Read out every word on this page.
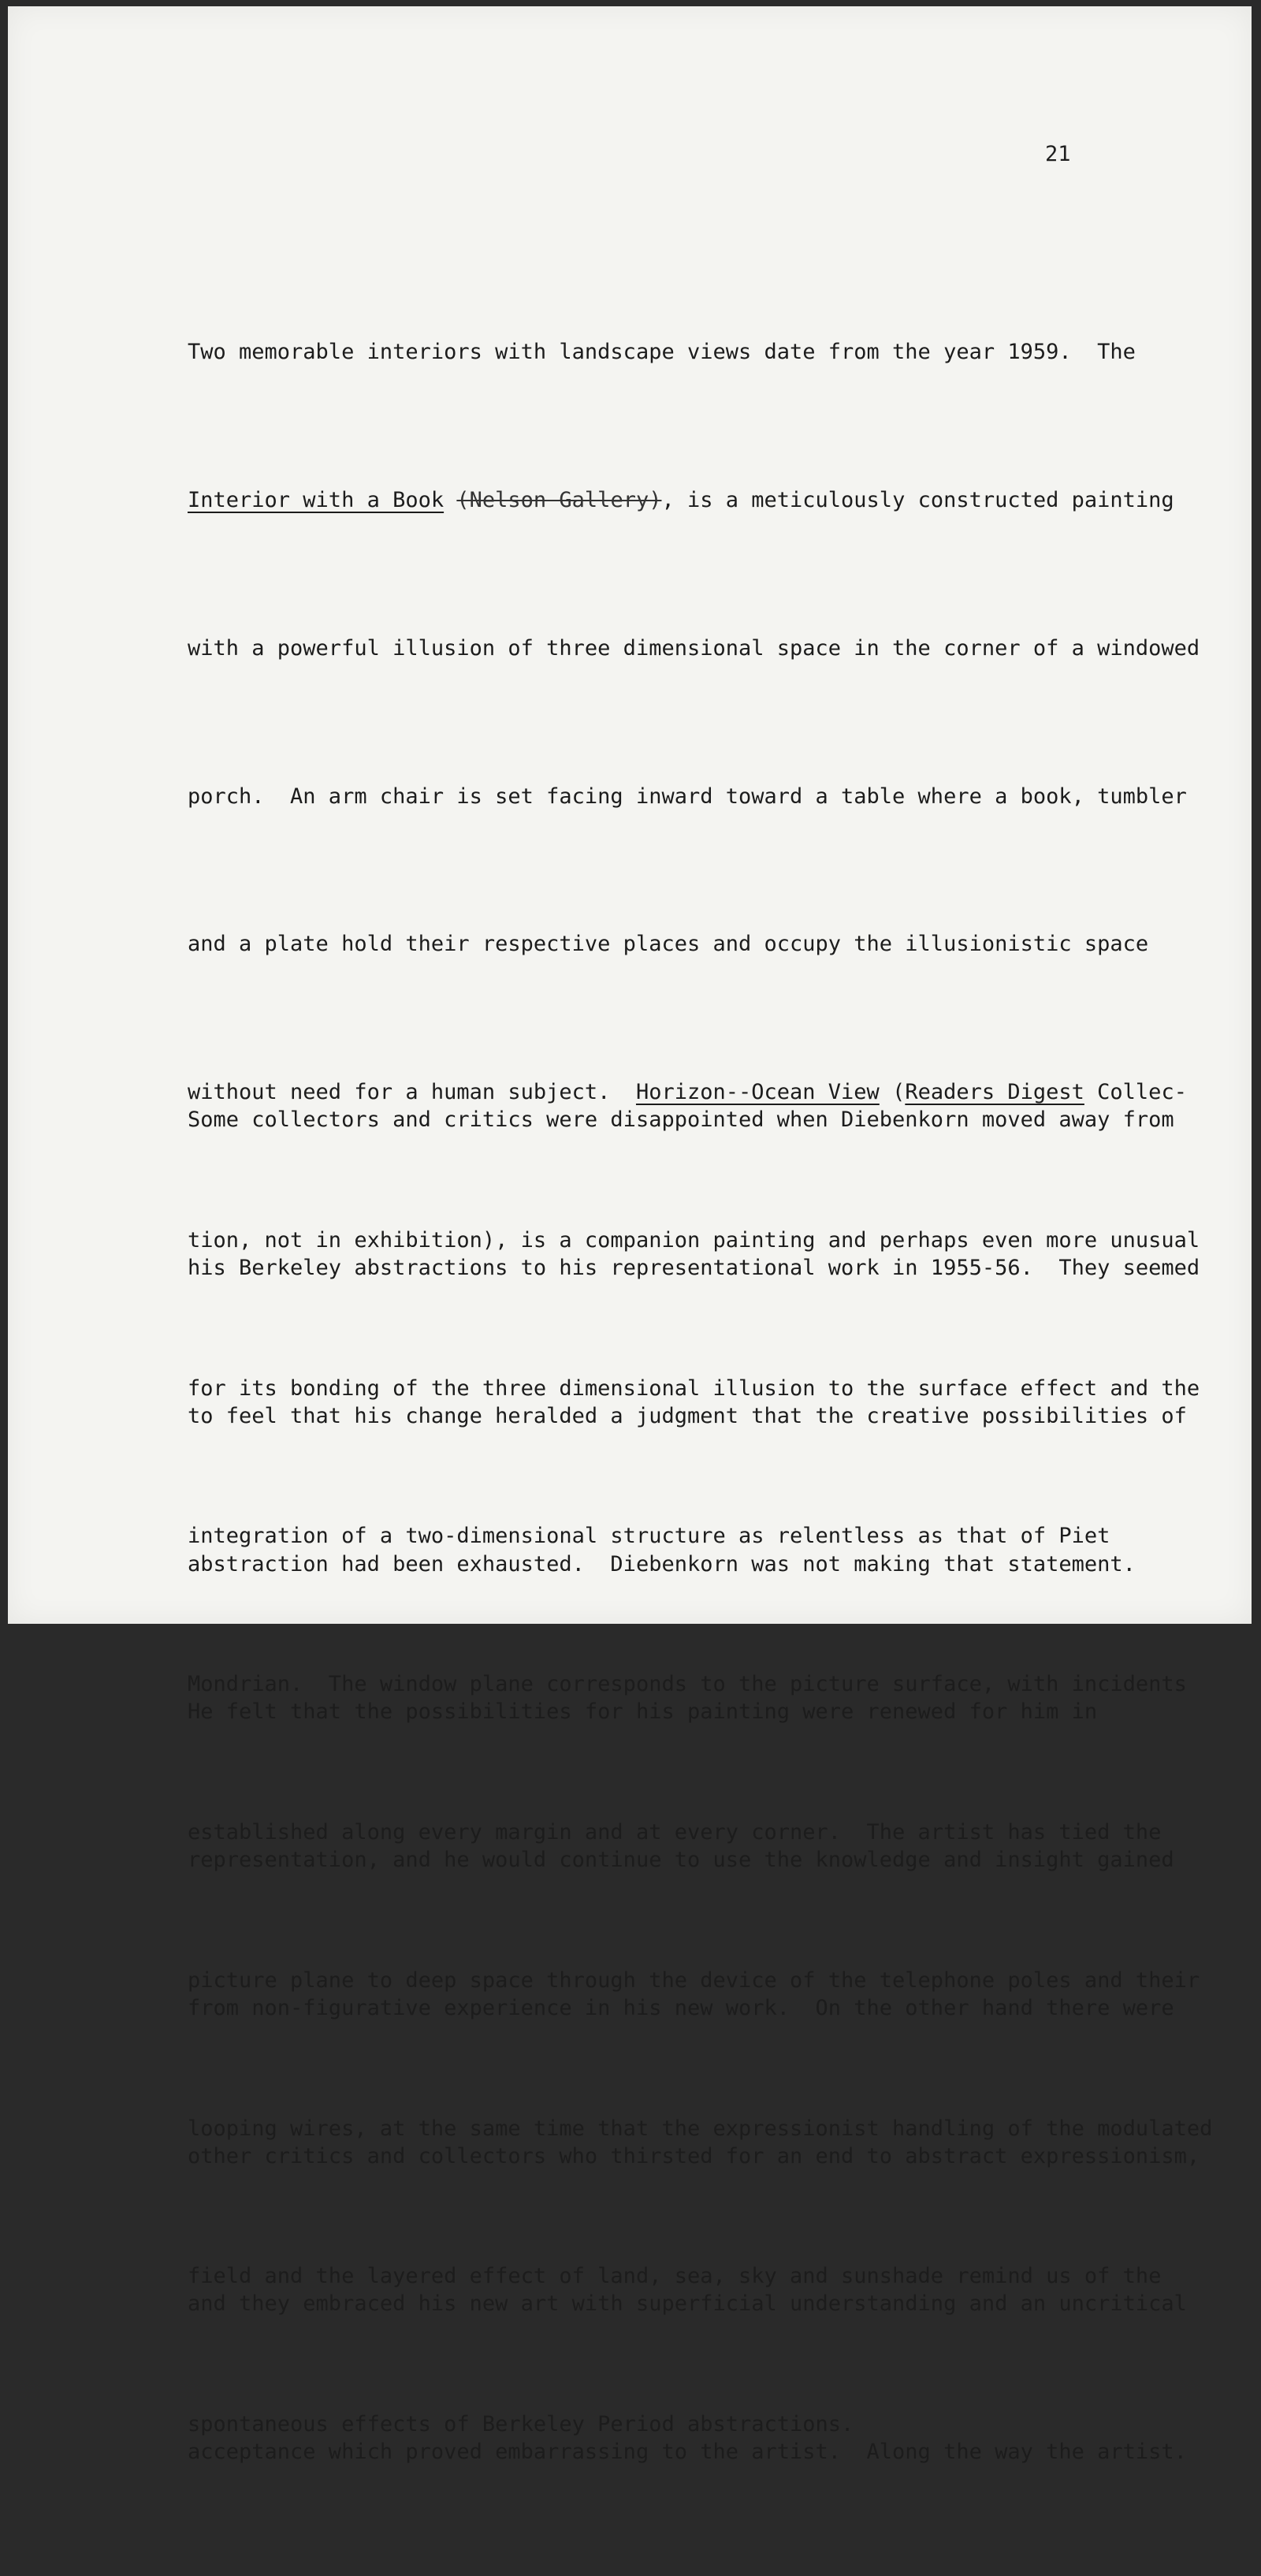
21

Two memorable interiors with landscape views date from the year 1959.  The

Interior with a Book (Nelson Gallery), is a meticulously constructed painting

with a powerful illusion of three dimensional space in the corner of a windowed

porch.  An arm chair is set facing inward toward a table where a book, tumbler

and a plate hold their respective places and occupy the illusionistic space

without need for a human subject.  Horizon--Ocean View (Readers Digest Collec-

tion, not in exhibition), is a companion painting and perhaps even more unusual

for its bonding of the three dimensional illusion to the surface effect and the

integration of a two-dimensional structure as relentless as that of Piet

Mondrian.  The window plane corresponds to the picture surface, with incidents

established along every margin and at every corner.  The artist has tied the

picture plane to deep space through the device of the telephone poles and their

looping wires, at the same time that the expressionist handling of the modulated

field and the layered effect of land, sea, sky and sunshade remind us of the

spontaneous effects of Berkeley Period abstractions.

Some collectors and critics were disappointed when Diebenkorn moved away from

his Berkeley abstractions to his representational work in 1955-56.  They seemed

to feel that his change heralded a judgment that the creative possibilities of

abstraction had been exhausted.  Diebenkorn was not making that statement.

He felt that the possibilities for his painting were renewed for him in

representation, and he would continue to use the knowledge and insight gained

from non-figurative experience in his new work.  On the other hand there were

other critics and collectors who thirsted for an end to abstract expressionism,

and they embraced his new art with superficial understanding and an uncritical

acceptance which proved embarrassing to the artist.  Along the way the artist.
